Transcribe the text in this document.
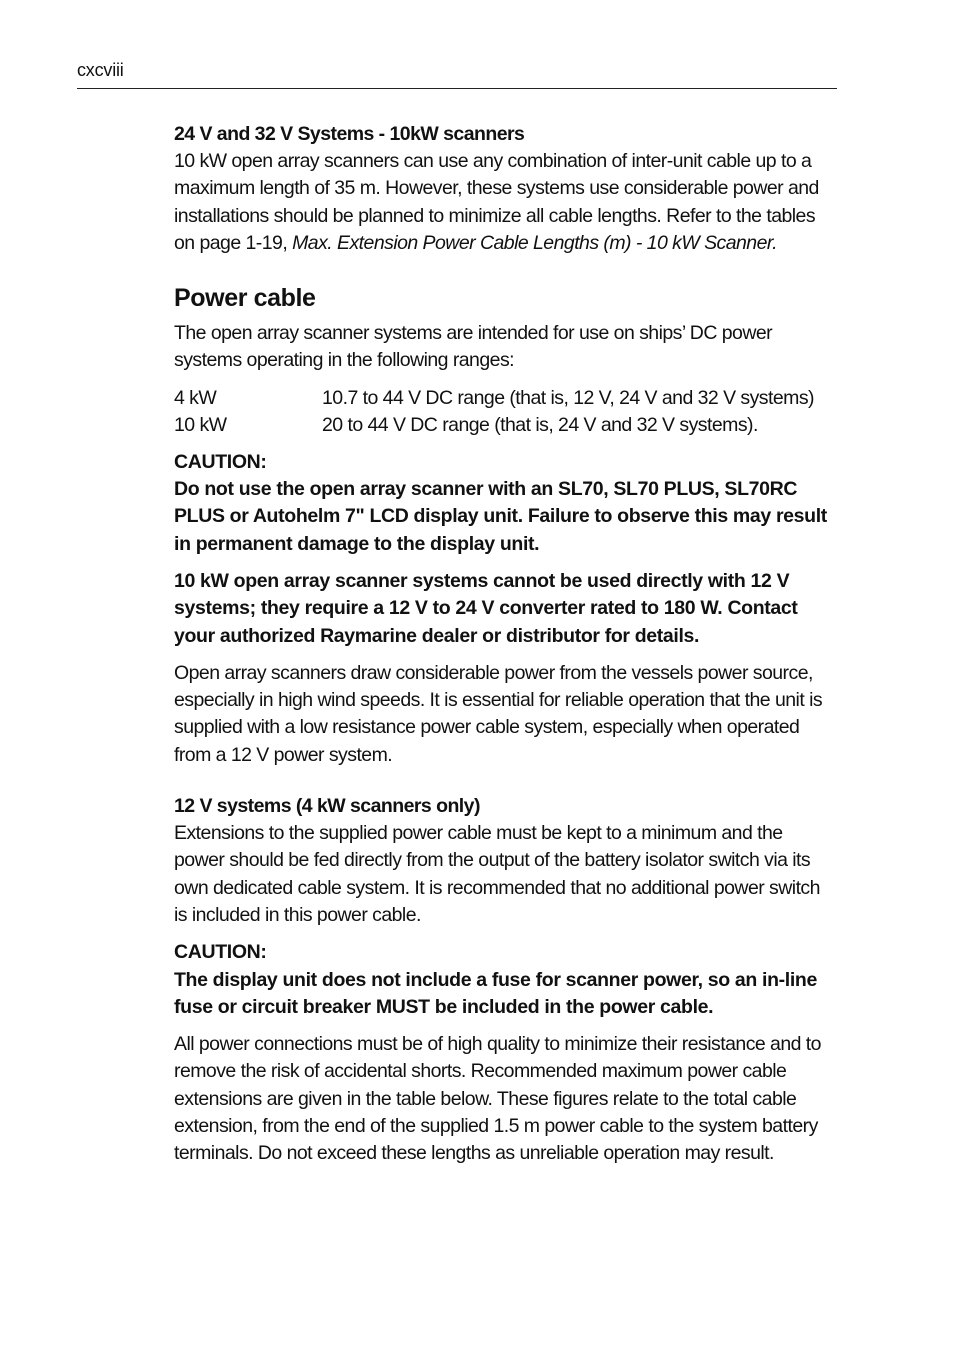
cxcviii
24 V and 32 V Systems - 10kW scanners

10 kW open array scanners can use any combination of inter-unit cable up to a maximum length of 35 m. However, these systems use considerable power and installations should be planned to minimize all cable lengths. Refer to the tables on page 1-19, Max. Extension Power Cable Lengths (m) - 10 kW Scanner.

Power cable

The open array scanner systems are intended for use on ships’ DC power systems operating in the following ranges:

4 kW	10.7 to 44 V DC range (that is, 12 V, 24 V and 32 V systems)
10 kW	20 to 44 V DC range (that is, 24 V and 32 V systems).
CAUTION:

Do not use the open array scanner with an SL70, SL70 PLUS, SL70RC PLUS or Autohelm 7" LCD display unit. Failure to observe this may result in permanent damage to the display unit.

10 kW open array scanner systems cannot be used directly with 12 V systems; they require a 12 V to 24 V converter rated to 180 W. Contact your authorized Raymarine dealer or distributor for details.

Open array scanners draw considerable power from the vessels power source, especially in high wind speeds. It is essential for reliable operation that the unit is supplied with a low resistance power cable system, especially when operated from a 12 V power system.

12 V systems (4 kW scanners only)

Extensions to the supplied power cable must be kept to a minimum and the power should be fed directly from the output of the battery isolator switch via its own dedicated cable system. It is recommended that no additional power switch is included in this power cable.

CAUTION:

The display unit does not include a fuse for scanner power, so an in-line fuse or circuit breaker MUST be included in the power cable.

All power connections must be of high quality to minimize their resistance and to remove the risk of accidental shorts. Recommended maximum power cable extensions are given in the table below. These figures relate to the total cable extension, from the end of the supplied 1.5 m power cable to the system battery terminals. Do not exceed these lengths as unreliable operation may result.
